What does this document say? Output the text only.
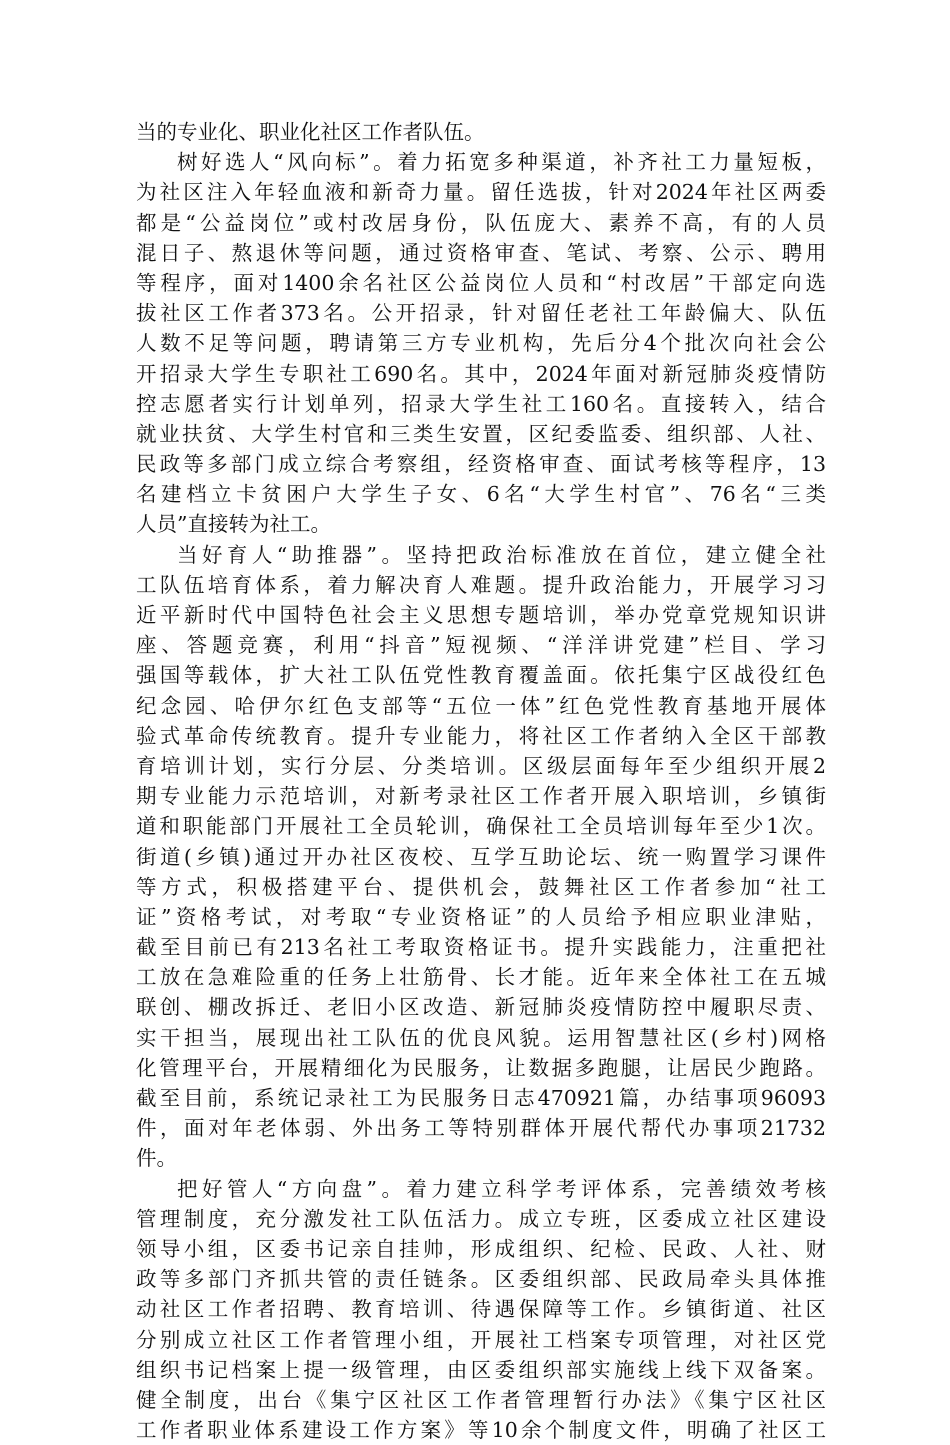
当的专业化、职业化社区工作者队伍。
树好选人“风向标”。着力拓宽多种渠道，补齐社工力量短板，
为社区注入年轻血液和新奇力量。留任选拔，针对2024年社区两委
都是“公益岗位”或村改居身份，队伍庞大、素养不高，有的人员
混日子、熬退休等问题，通过资格审查、笔试、考察、公示、聘用
等程序，面对1400余名社区公益岗位人员和“村改居”干部定向选
拔社区工作者373名。公开招录，针对留任老社工年龄偏大、队伍
人数不足等问题，聘请第三方专业机构，先后分4个批次向社会公
开招录大学生专职社工690名。其中，2024年面对新冠肺炎疫情防
控志愿者实行计划单列，招录大学生社工160名。直接转入，结合
就业扶贫、大学生村官和三类生安置，区纪委监委、组织部、人社、
民政等多部门成立综合考察组，经资格审查、面试考核等程序，13
名建档立卡贫困户大学生子女、6名“大学生村官”、76名“三类
人员”直接转为社工。
当好育人“助推器”。坚持把政治标准放在首位，建立健全社
工队伍培育体系，着力解决育人难题。提升政治能力，开展学习习
近平新时代中国特色社会主义思想专题培训，举办党章党规知识讲
座、答题竞赛，利用“抖音”短视频、“洋洋讲党建”栏目、学习
强国等载体，扩大社工队伍党性教育覆盖面。依托集宁区战役红色
纪念园、哈伊尔红色支部等“五位一体”红色党性教育基地开展体
验式革命传统教育。提升专业能力，将社区工作者纳入全区干部教
育培训计划，实行分层、分类培训。区级层面每年至少组织开展2
期专业能力示范培训，对新考录社区工作者开展入职培训，乡镇街
道和职能部门开展社工全员轮训，确保社工全员培训每年至少1次。
街道(乡镇)通过开办社区夜校、互学互助论坛、统一购置学习课件
等方式，积极搭建平台、提供机会，鼓舞社区工作者参加“社工
证”资格考试，对考取“专业资格证”的人员给予相应职业津贴，
截至目前已有213名社工考取资格证书。提升实践能力，注重把社
工放在急难险重的任务上壮筋骨、长才能。近年来全体社工在五城
联创、棚改拆迁、老旧小区改造、新冠肺炎疫情防控中履职尽责、
实干担当，展现出社工队伍的优良风貌。运用智慧社区(乡村)网格
化管理平台，开展精细化为民服务，让数据多跑腿，让居民少跑路。
截至目前，系统记录社工为民服务日志470921篇，办结事项96093
件，面对年老体弱、外出务工等特别群体开展代帮代办事项21732
件。
把好管人“方向盘”。着力建立科学考评体系，完善绩效考核
管理制度，充分激发社工队伍活力。成立专班，区委成立社区建设
领导小组，区委书记亲自挂帅，形成组织、纪检、民政、人社、财
政等多部门齐抓共管的责任链条。区委组织部、民政局牵头具体推
动社区工作者招聘、教育培训、待遇保障等工作。乡镇街道、社区
分别成立社区工作者管理小组，开展社工档案专项管理，对社区党
组织书记档案上提一级管理，由区委组织部实施线上线下双备案。
健全制度，出台《集宁区社区工作者管理暂行办法》《集宁区社区
工作者职业体系建设工作方案》等10余个制度文件，明确了社区工
